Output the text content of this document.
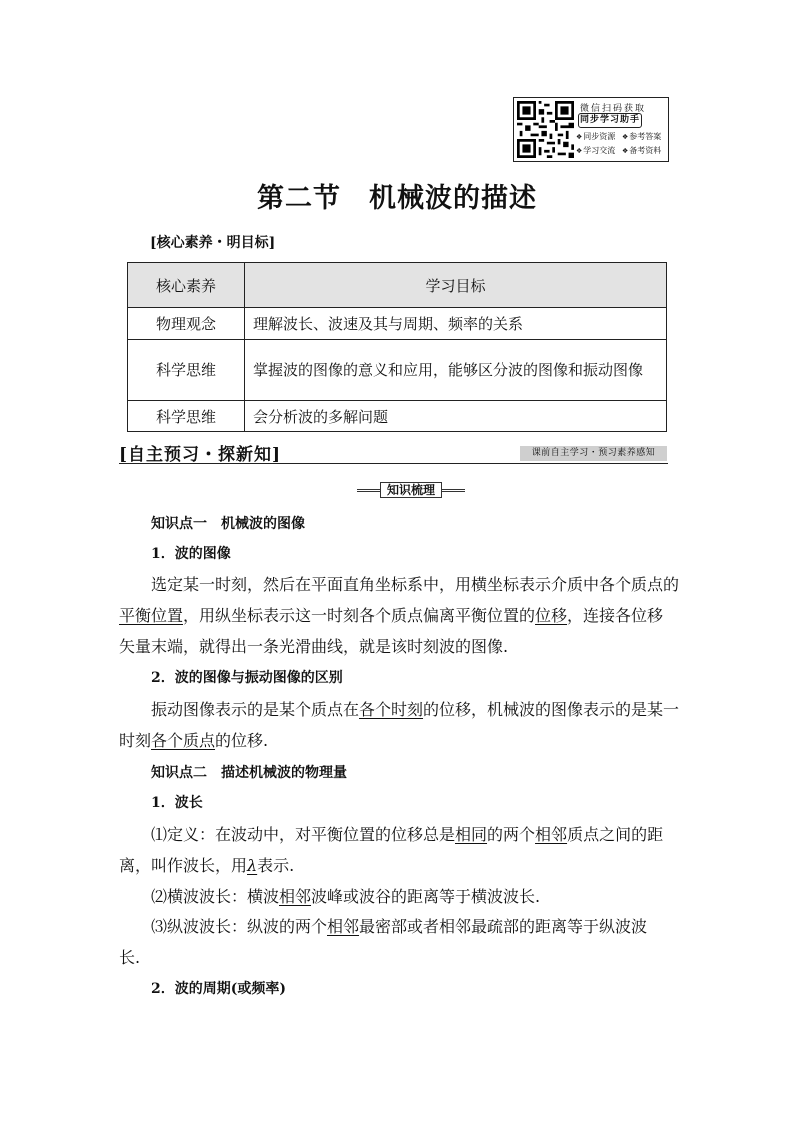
微信扫码获取
同步学习助手
❖ 同步资源	❖ 参考答案
❖ 学习交流	❖ 备考资料
第二节　机械波的描述
[核心素养・明目标]
核心素养	学习目标
物理观念	理解波长、波速及其与周期、频率的关系
科学思维	掌握波的图像的意义和应用，能够区分波的图像和振动图像
科学思维	会分析波的多解问题
[自主预习・探新知]	课前自主学习・预习素养感知
知识梳理
知识点一　机械波的图像
1．波的图像
选定某一时刻，然后在平面直角坐标系中，用横坐标表示介质中各个质点的
平衡位置，用纵坐标表示这一时刻各个质点偏离平衡位置的位移，连接各位移
矢量末端，就得出一条光滑曲线，就是该时刻波的图像.
2．波的图像与振动图像的区别
振动图像表示的是某个质点在各个时刻的位移，机械波的图像表示的是某一
时刻各个质点的位移.
知识点二　描述机械波的物理量
1．波长
⑴定义：在波动中，对平衡位置的位移总是相同的两个相邻质点之间的距
离，叫作波长，用λ表示.
⑵横波波长：横波相邻波峰或波谷的距离等于横波波长.
⑶纵波波长：纵波的两个相邻最密部或者相邻最疏部的距离等于纵波波
长.
2．波的周期(或频率)
